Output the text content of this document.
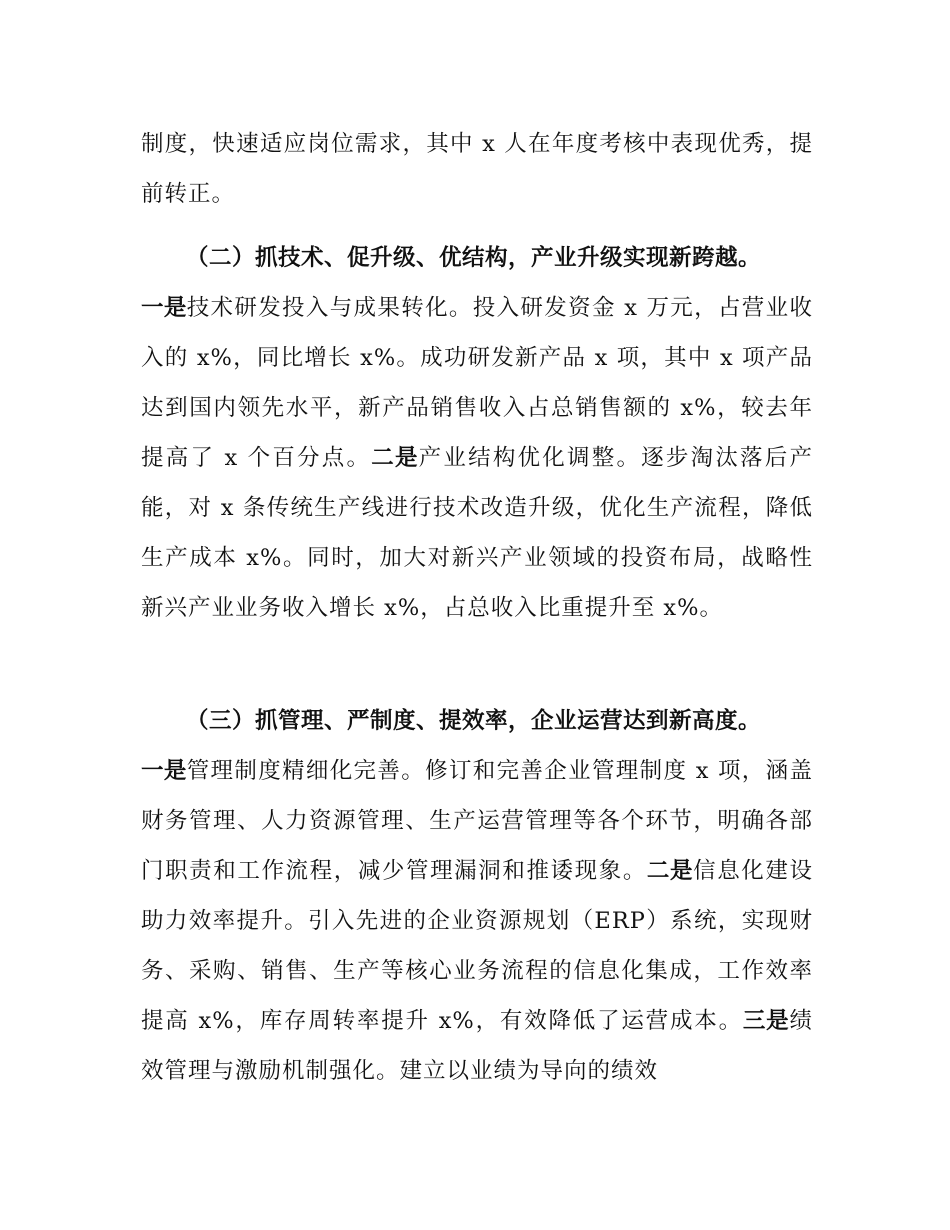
制度，快速适应岗位需求，其中 x 人在年度考核中表现优秀，提前转正。
（二）抓技术、促升级、优结构，产业升级实现新跨越。
一是技术研发投入与成果转化。投入研发资金 x 万元，占营业收入的 x%，同比增长 x%。成功研发新产品 x 项，其中 x 项产品达到国内领先水平，新产品销售收入占总销售额的 x%，较去年提高了 x 个百分点。二是产业结构优化调整。逐步淘汰落后产能，对 x 条传统生产线进行技术改造升级，优化生产流程，降低生产成本 x%。同时，加大对新兴产业领域的投资布局，战略性新兴产业业务收入增长 x%，占总收入比重提升至 x%。
（三）抓管理、严制度、提效率，企业运营达到新高度。
一是管理制度精细化完善。修订和完善企业管理制度 x 项，涵盖财务管理、人力资源管理、生产运营管理等各个环节，明确各部门职责和工作流程，减少管理漏洞和推诿现象。二是信息化建设助力效率提升。引入先进的企业资源规划（ERP）系统，实现财务、采购、销售、生产等核心业务流程的信息化集成，工作效率提高 x%，库存周转率提升 x%，有效降低了运营成本。三是绩效管理与激励机制强化。建立以业绩为导向的绩效
